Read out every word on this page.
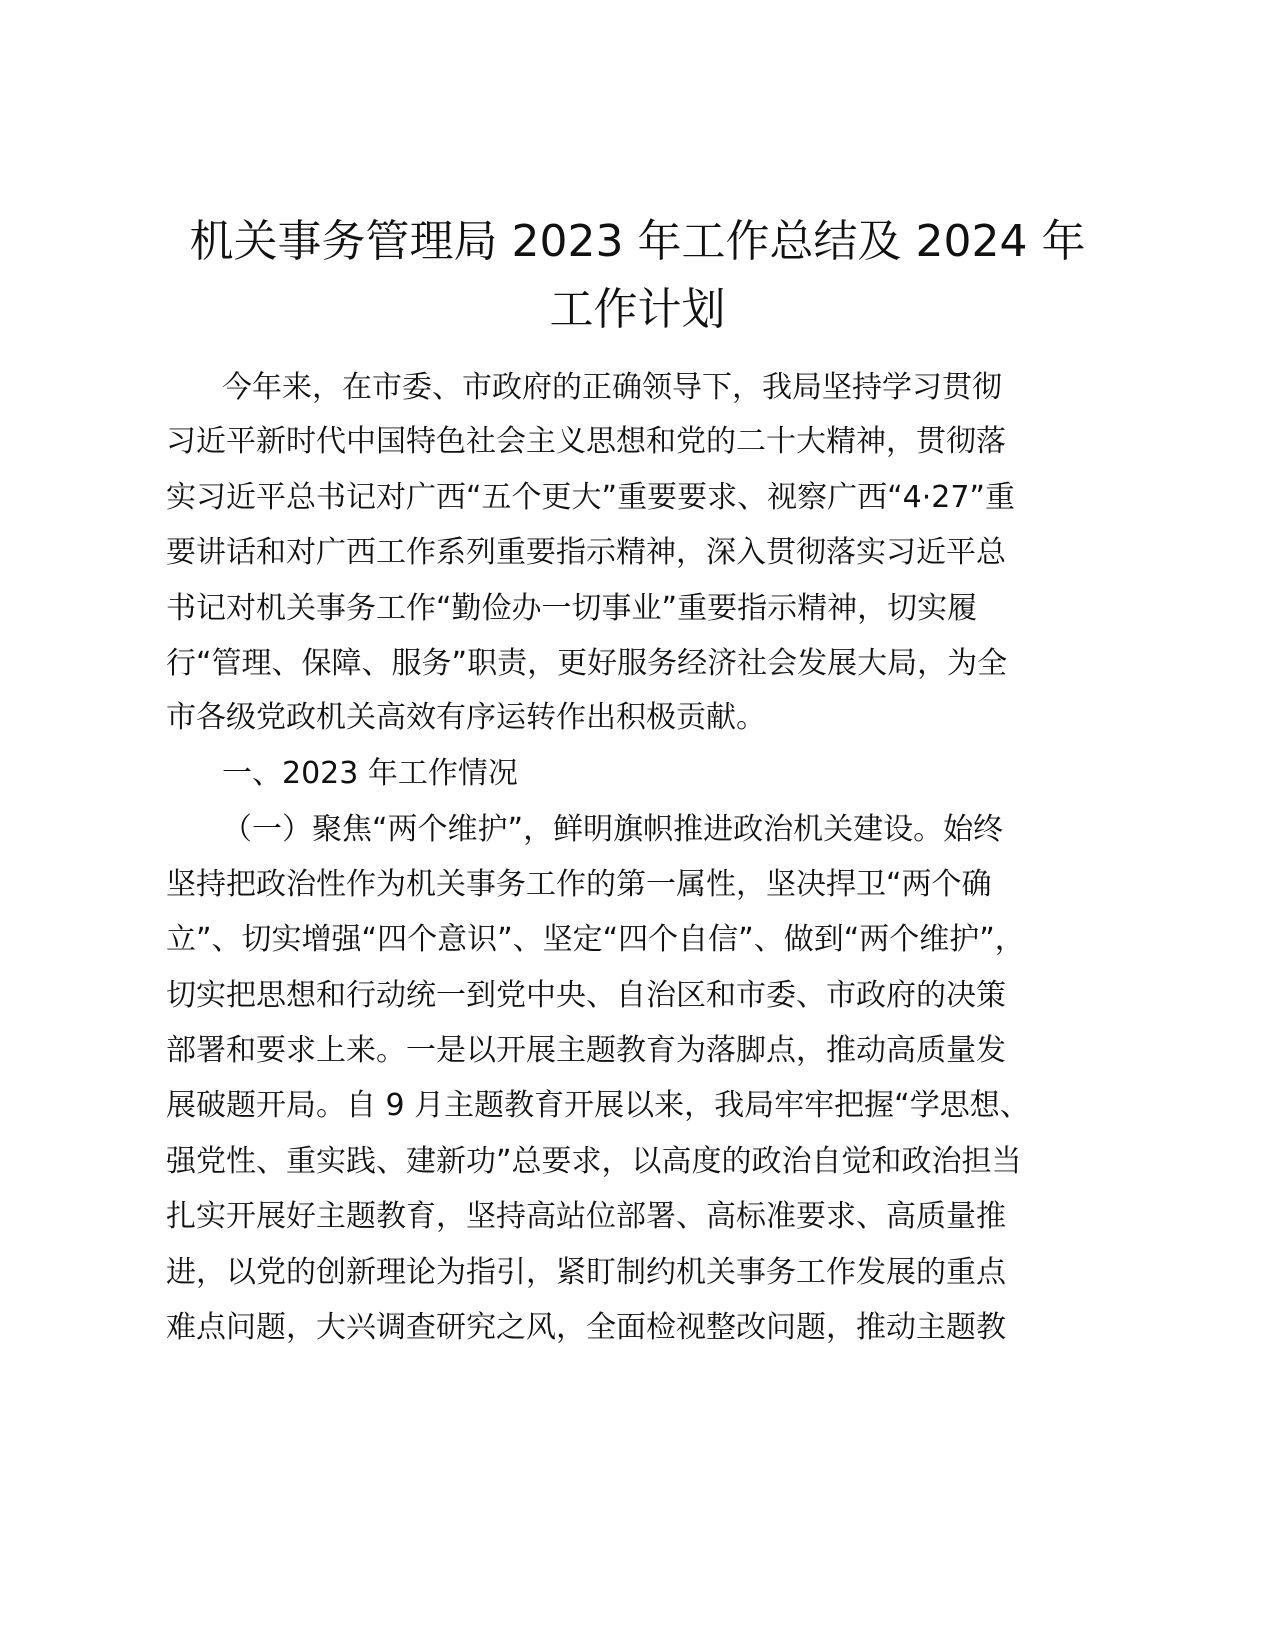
机关事务管理局 2023 年工作总结及 2024 年
工作计划

今年来，在市委、市政府的正确领导下，我局坚持学习贯彻

习近平新时代中国特色社会主义思想和党的二十大精神，贯彻落

实习近平总书记对广西“五个更大”重要要求、视察广西“4·27”重

要讲话和对广西工作系列重要指示精神，深入贯彻落实习近平总

书记对机关事务工作“勤俭办一切事业”重要指示精神，切实履

行“管理、保障、服务”职责，更好服务经济社会发展大局，为全

市各级党政机关高效有序运转作出积极贡献。

一、2023 年工作情况

（一）聚焦“两个维护”，鲜明旗帜推进政治机关建设。始终

坚持把政治性作为机关事务工作的第一属性，坚决捍卫“两个确

立”、切实增强“四个意识”、坚定“四个自信”、做到“两个维护”，

切实把思想和行动统一到党中央、自治区和市委、市政府的决策

部署和要求上来。一是以开展主题教育为落脚点，推动高质量发

展破题开局。自 9 月主题教育开展以来，我局牢牢把握“学思想、

强党性、重实践、建新功”总要求，以高度的政治自觉和政治担当

扎实开展好主题教育，坚持高站位部署、高标准要求、高质量推

进，以党的创新理论为指引，紧盯制约机关事务工作发展的重点

难点问题，大兴调查研究之风，全面检视整改问题，推动主题教
